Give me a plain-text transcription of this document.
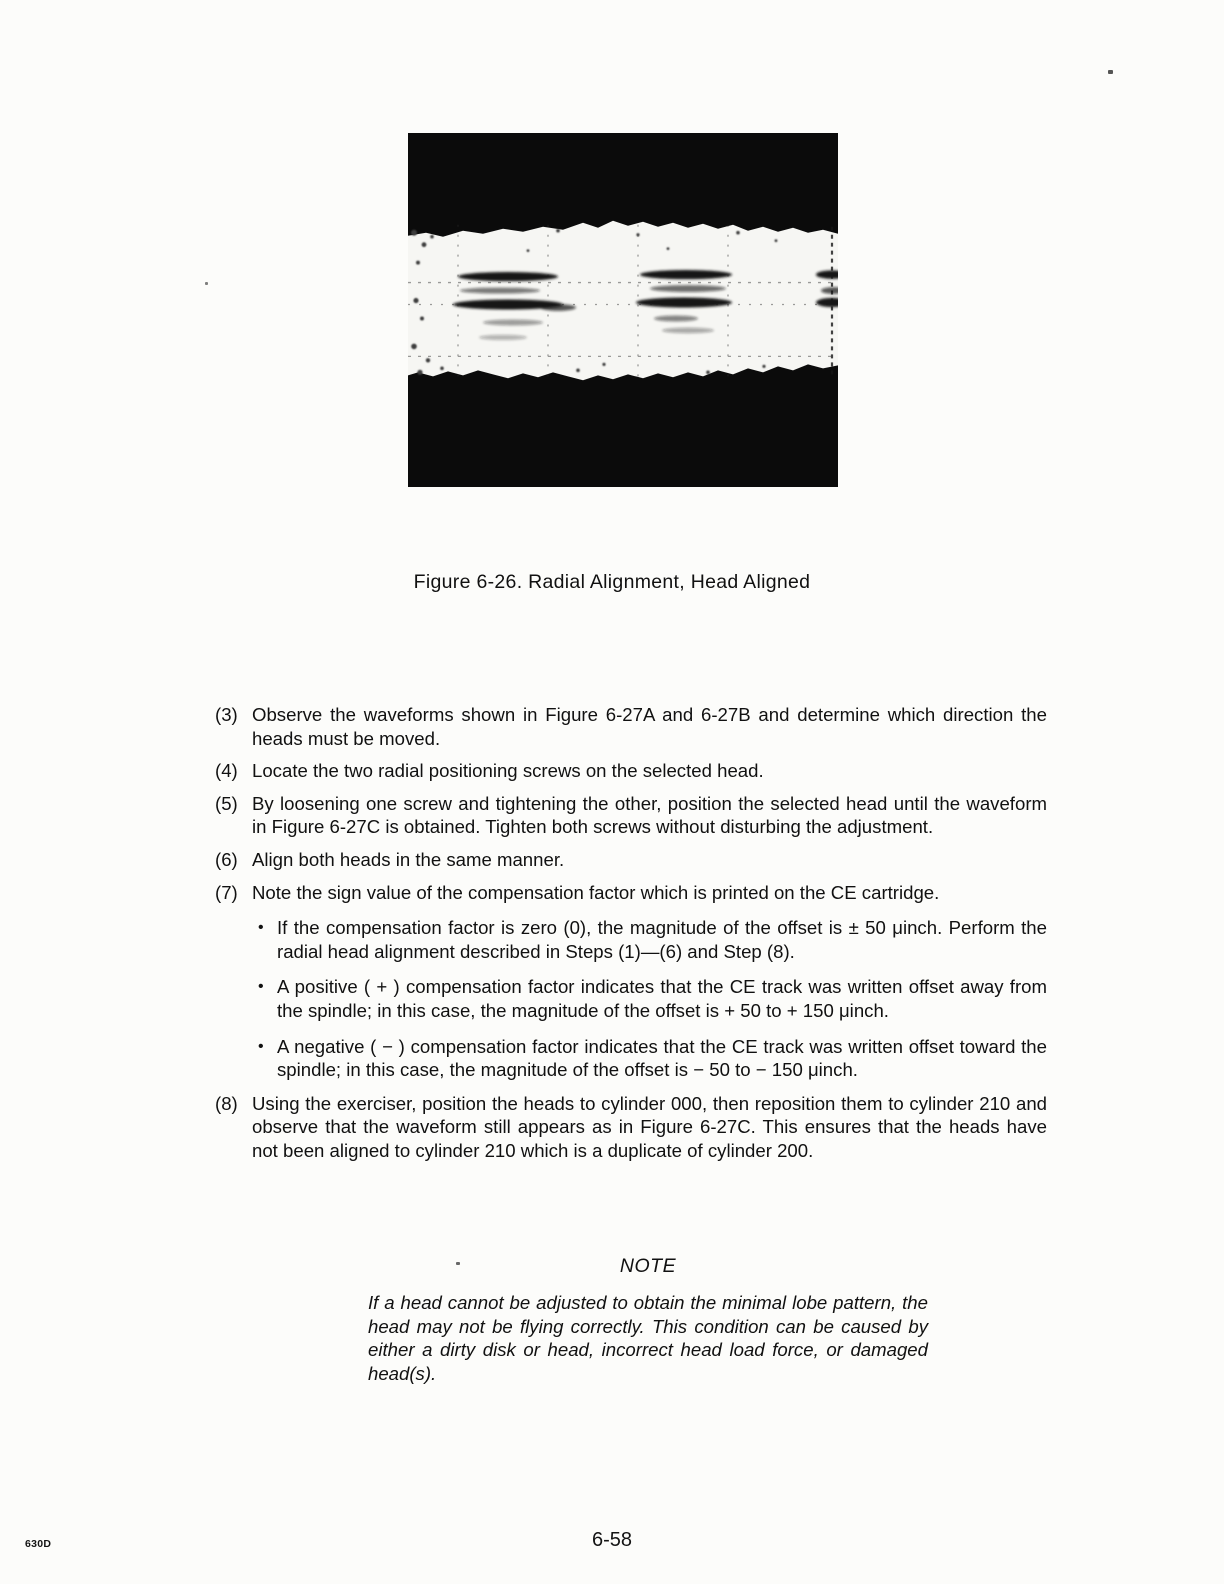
Figure 6-26. Radial Alignment, Head Aligned
(3) Observe the waveforms shown in Figure 6-27A and 6-27B and determine which direction the heads must be moved.

(4) Locate the two radial positioning screws on the selected head.

(5) By loosening one screw and tightening the other, position the selected head until the waveform in Figure 6-27C is obtained. Tighten both screws without disturbing the adjustment.

(6) Align both heads in the same manner.

(7) Note the sign value of the compensation factor which is printed on the CE cartridge.

• If the compensation factor is zero (0), the magnitude of the offset is ± 50 μinch. Perform the radial head alignment described in Steps (1)—(6) and Step (8).

• A positive ( + ) compensation factor indicates that the CE track was written offset away from the spindle; in this case, the magnitude of the offset is + 50 to + 150 μinch.

• A negative ( − ) compensation factor indicates that the CE track was written offset toward the spindle; in this case, the magnitude of the offset is − 50 to − 150 μinch.

(8) Using the exerciser, position the heads to cylinder 000, then reposition them to cylinder 210 and observe that the waveform still appears as in Figure 6-27C. This ensures that the heads have not been aligned to cylinder 210 which is a duplicate of cylinder 200.

NOTE

If a head cannot be adjusted to obtain the minimal lobe pattern, the head may not be flying correctly. This condition can be caused by either a dirty disk or head, incorrect head load force, or damaged head(s).

630D	6-58
